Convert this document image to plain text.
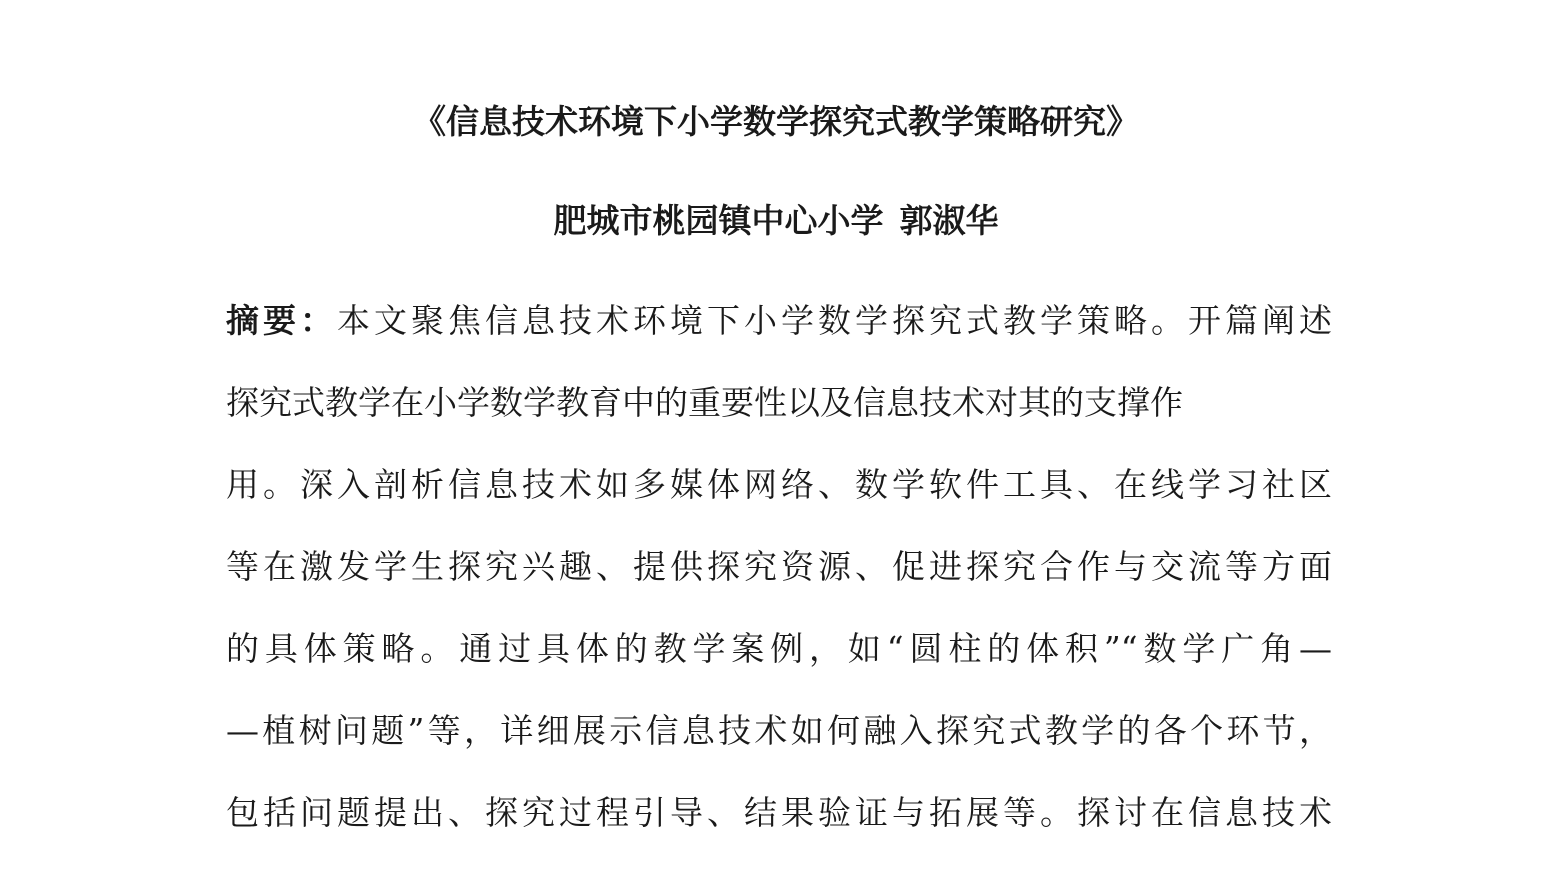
《信息技术环境下小学数学探究式教学策略研究》
肥城市桃园镇中心小学 郭淑华
摘要：本文聚焦信息技术环境下小学数学探究式教学策略。开篇阐述
探究式教学在小学数学教育中的重要性以及信息技术对其的支撑作
用。深入剖析信息技术如多媒体网络、数学软件工具、在线学习社区
等在激发学生探究兴趣、提供探究资源、促进探究合作与交流等方面
的具体策略。通过具体的教学案例，如“圆柱的体积”“数学广角—
—植树问题”等，详细展示信息技术如何融入探究式教学的各个环节，
包括问题提出、探究过程引导、结果验证与拓展等。探讨在信息技术
